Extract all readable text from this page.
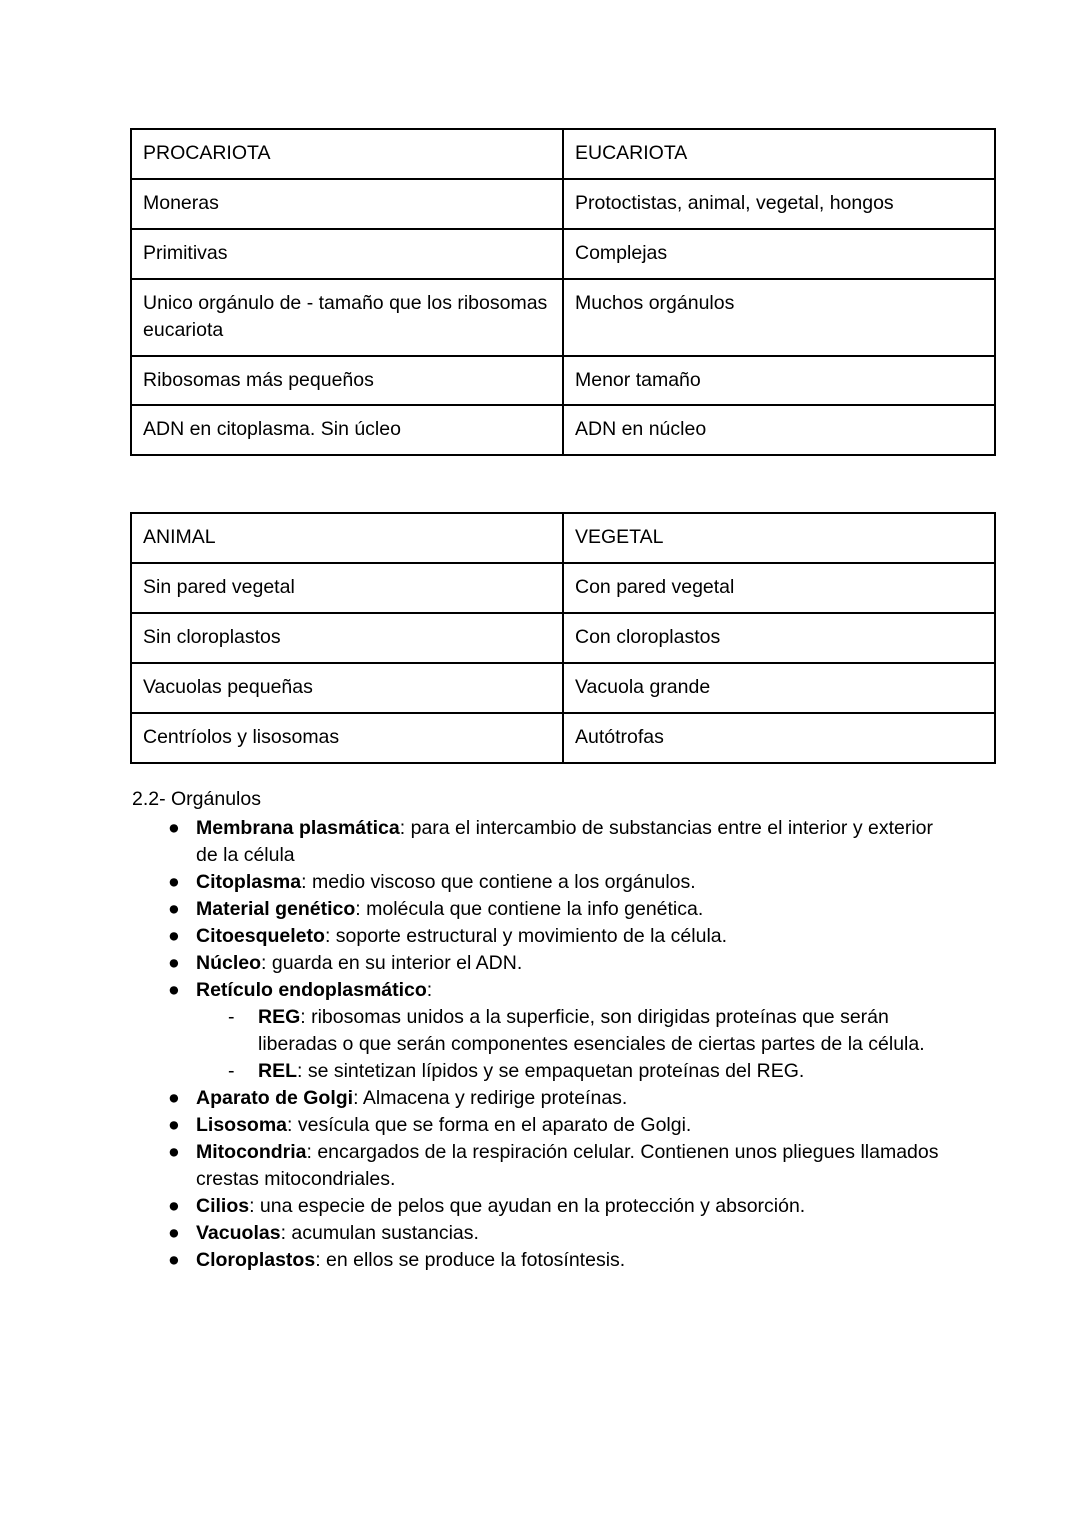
PROCARIOTA	EUCARIOTA
Moneras	Protoctistas, animal, vegetal, hongos
Primitivas	Complejas
Unico orgánulo de - tamaño que los ribosomas eucariota	Muchos orgánulos
Ribosomas más pequeños	Menor tamaño
ADN en citoplasma. Sin úcleo	ADN en núcleo
ANIMAL	VEGETAL
Sin pared vegetal	Con pared vegetal
Sin cloroplastos	Con cloroplastos
Vacuolas pequeñas	Vacuola grande
Centríolos y lisosomas	Autótrofas

2.2- Orgánulos

● Membrana plasmática: para el intercambio de substancias entre el interior y exterior de la célula
● Citoplasma: medio viscoso que contiene a los orgánulos.
● Material genético: molécula que contiene la info genética.
● Citoesqueleto: soporte estructural y movimiento de la célula.
● Núcleo: guarda en su interior el ADN.
● Retículo endoplasmático:
- REG: ribosomas unidos a la superficie, son dirigidas proteínas que serán liberadas o que serán componentes esenciales de ciertas partes de la célula.
- REL: se sintetizan lípidos y se empaquetan proteínas del REG.
● Aparato de Golgi: Almacena y redirige proteínas.
● Lisosoma: vesícula que se forma en el aparato de Golgi.
● Mitocondria: encargados de la respiración celular. Contienen unos pliegues llamados crestas mitocondriales.
● Cilios: una especie de pelos que ayudan en la protección y absorción.
● Vacuolas: acumulan sustancias.
● Cloroplastos: en ellos se produce la fotosíntesis.
